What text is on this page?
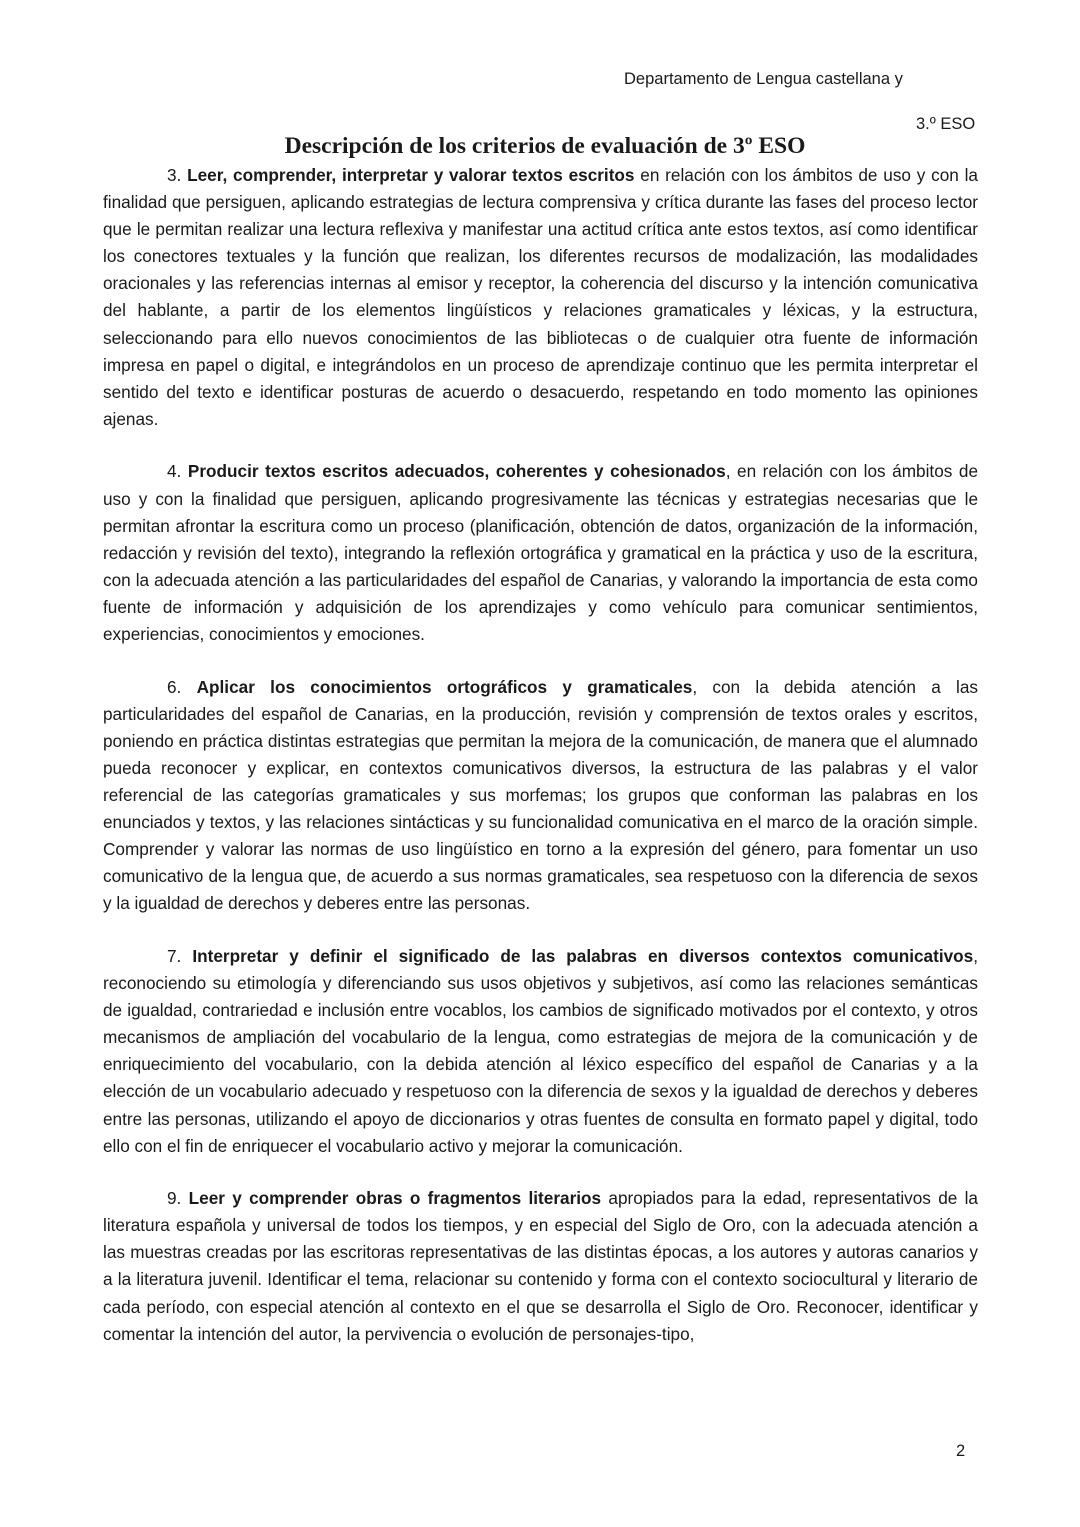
Departamento de Lengua castellana y
3.º ESO
Descripción de los criterios de evaluación de 3º ESO

3. Leer, comprender, interpretar y valorar textos escritos en relación con los ámbitos de uso y con la finalidad que persiguen, aplicando estrategias de lectura comprensiva y crítica durante las fases del proceso lector que le permitan realizar una lectura reflexiva y manifestar una actitud crítica ante estos textos, así como identificar los conectores textuales y la función que realizan, los diferentes recursos de modalización, las modalidades oracionales y las referencias internas al emisor y receptor, la coherencia del discurso y la intención comunicativa del hablante, a partir de los elementos lingüísticos y relaciones gramaticales y léxicas, y la estructura, seleccionando para ello nuevos conocimientos de las bibliotecas o de cualquier otra fuente de información impresa en papel o digital, e integrándolos en un proceso de aprendizaje continuo que les permita interpretar el sentido del texto e identificar posturas de acuerdo o desacuerdo, respetando en todo momento las opiniones ajenas.

4. Producir textos escritos adecuados, coherentes y cohesionados, en relación con los ámbitos de uso y con la finalidad que persiguen, aplicando progresivamente las técnicas y estrategias necesarias que le permitan afrontar la escritura como un proceso (planificación, obtención de datos, organización de la información, redacción y revisión del texto), integrando la reflexión ortográfica y gramatical en la práctica y uso de la escritura, con la adecuada atención a las particularidades del español de Canarias, y valorando la importancia de esta como fuente de información y adquisición de los aprendizajes y como vehículo para comunicar sentimientos, experiencias, conocimientos y emociones.

6. Aplicar los conocimientos ortográficos y gramaticales, con la debida atención a las particularidades del español de Canarias, en la producción, revisión y comprensión de textos orales y escritos, poniendo en práctica distintas estrategias que permitan la mejora de la comunicación, de manera que el alumnado pueda reconocer y explicar, en contextos comunicativos diversos, la estructura de las palabras y el valor referencial de las categorías gramaticales y sus morfemas; los grupos que conforman las palabras en los enunciados y textos, y las relaciones sintácticas y su funcionalidad comunicativa en el marco de la oración simple. Comprender y valorar las normas de uso lingüístico en torno a la expresión del género, para fomentar un uso comunicativo de la lengua que, de acuerdo a sus normas gramaticales, sea respetuoso con la diferencia de sexos y la igualdad de derechos y deberes entre las personas.

7. Interpretar y definir el significado de las palabras en diversos contextos comunicativos, reconociendo su etimología y diferenciando sus usos objetivos y subjetivos, así como las relaciones semánticas de igualdad, contrariedad e inclusión entre vocablos, los cambios de significado motivados por el contexto, y otros mecanismos de ampliación del vocabulario de la lengua, como estrategias de mejora de la comunicación y de enriquecimiento del vocabulario, con la debida atención al léxico específico del español de Canarias y a la elección de un vocabulario adecuado y respetuoso con la diferencia de sexos y la igualdad de derechos y deberes entre las personas, utilizando el apoyo de diccionarios y otras fuentes de consulta en formato papel y digital, todo ello con el fin de enriquecer el vocabulario activo y mejorar la comunicación.

9. Leer y comprender obras o fragmentos literarios apropiados para la edad, representativos de la literatura española y universal de todos los tiempos, y en especial del Siglo de Oro, con la adecuada atención a las muestras creadas por las escritoras representativas de las distintas épocas, a los autores y autoras canarios y a la literatura juvenil. Identificar el tema, relacionar su contenido y forma con el contexto sociocultural y literario de cada período, con especial atención al contexto en el que se desarrolla el Siglo de Oro. Reconocer, identificar y comentar la intención del autor, la pervivencia o evolución de personajes-tipo,

2
